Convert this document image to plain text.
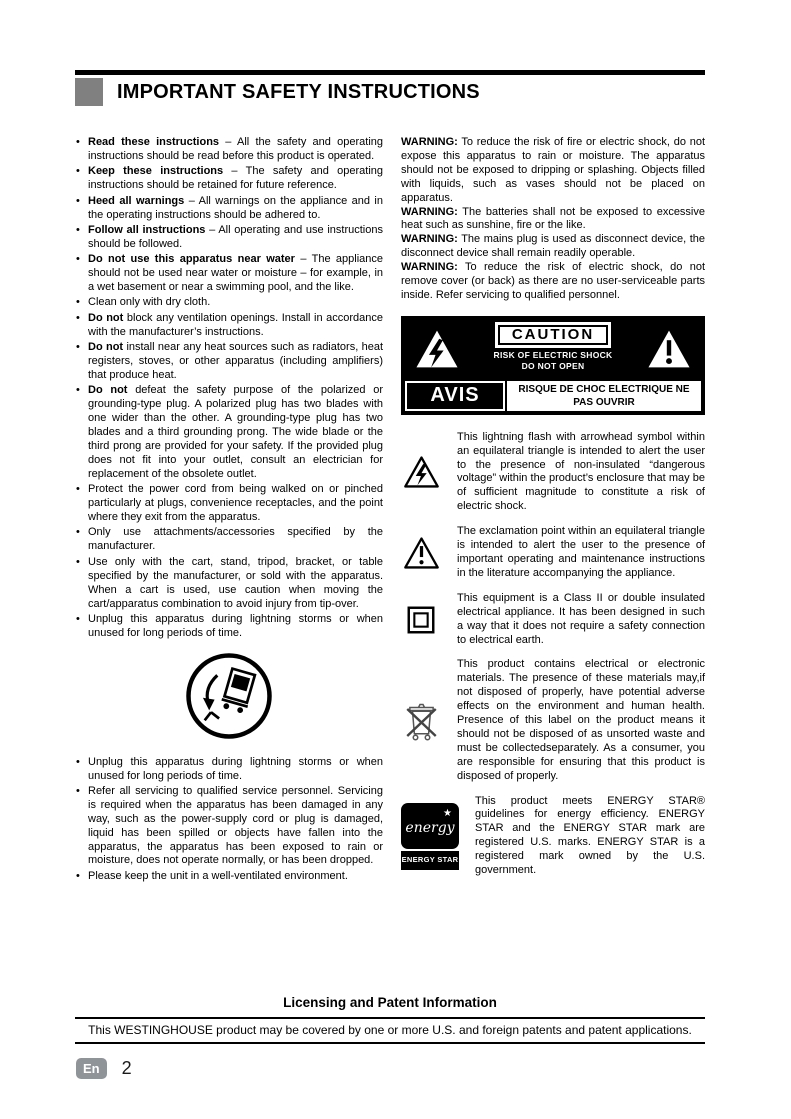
IMPORTANT SAFETY INSTRUCTIONS
• Read these instructions – All the safety and operating instructions should be read before this product is operated.
• Keep these instructions – The safety and operating instructions should be retained for future reference.
• Heed all warnings – All warnings on the appliance and in the operating instructions should be adhered to.
• Follow all instructions – All operating and use instructions should be followed.
• Do not use this apparatus near water – The appliance should not be used near water or moisture – for example, in a wet basement or near a swimming pool, and the like.
• Clean only with dry cloth.
• Do not block any ventilation openings. Install in accordance with the manufacturer’s instructions.
• Do not install near any heat sources such as radiators, heat registers, stoves, or other apparatus (including amplifiers) that produce heat.
• Do not defeat the safety purpose of the polarized or grounding-type plug. A polarized plug has two blades with one wider than the other. A grounding-type plug has two blades and a third grounding prong. The wide blade or the third prong are provided for your safety. If the provided plug does not fit into your outlet, consult an electrician for replacement of the obsolete outlet.
• Protect the power cord from being walked on or pinched particularly at plugs, convenience receptacles, and the point where they exit from the apparatus.
• Only use attachments/accessories specified by the manufacturer.
• Use only with the cart, stand, tripod, bracket, or table specified by the manufacturer, or sold with the apparatus. When a cart is used, use caution when moving the cart/apparatus combination to avoid injury from tip-over.
• Unplug this apparatus during lightning storms or when unused for long periods of time.
• Unplug this apparatus during lightning storms or when unused for long periods of time.
• Refer all servicing to qualified service personnel. Servicing is required when the apparatus has been damaged in any way, such as the power-supply cord or plug is damaged, liquid has been spilled or objects have fallen into the apparatus, the apparatus has been exposed to rain or moisture, does not operate normally, or has been dropped.
• Please keep the unit in a well-ventilated environment.

WARNING: To reduce the risk of fire or electric shock, do not expose this apparatus to rain or moisture. The apparatus should not be exposed to dripping or splashing. Objects filled with liquids, such as vases should not be placed on apparatus.

WARNING: The batteries shall not be exposed to excessive heat such as sunshine, fire or the like.

WARNING: The mains plug is used as disconnect device, the disconnect device shall remain readily operable.

WARNING: To reduce the risk of electric shock, do not remove cover (or back) as there are no user-serviceable parts inside. Refer servicing to qualified personnel.

CAUTION
RISK OF ELECTRIC SHOCK
DO NOT OPEN
AVIS	RISQUE DE CHOC ELECTRIQUE NE
PAS OUVRIR

This lightning flash with arrowhead symbol within an equilateral triangle is intended to alert the user to the presence of non-insulated “dangerous voltage” within the product’s enclosure that may be of sufficient magnitude to constitute a risk of electric shock.

The exclamation point within an equilateral triangle is intended to alert the user to the presence of important operating and maintenance instructions in the literature accompanying the appliance.

This equipment is a Class II or double insulated electrical appliance. It has been designed in such a way that it does not require a safety connection to electrical earth.

This product contains electrical or electronic materials. The presence of these materials may,if not disposed of properly, have potential adverse effects on the environment and human health. Presence of this label on the product means it should not be disposed of as unsorted waste and must be collectedseparately. As a consumer, you are responsible for ensuring that this product is disposed of properly.

★
energy
ENERGY STAR

This product meets ENERGY STAR® guidelines for energy efficiency. ENERGY STAR and the ENERGY STAR mark are registered U.S. marks. ENERGY STAR is a registered mark owned by the U.S. government.

Licensing and Patent Information

This WESTINGHOUSE product may be covered by one or more U.S. and foreign patents and patent applications.

En	2
